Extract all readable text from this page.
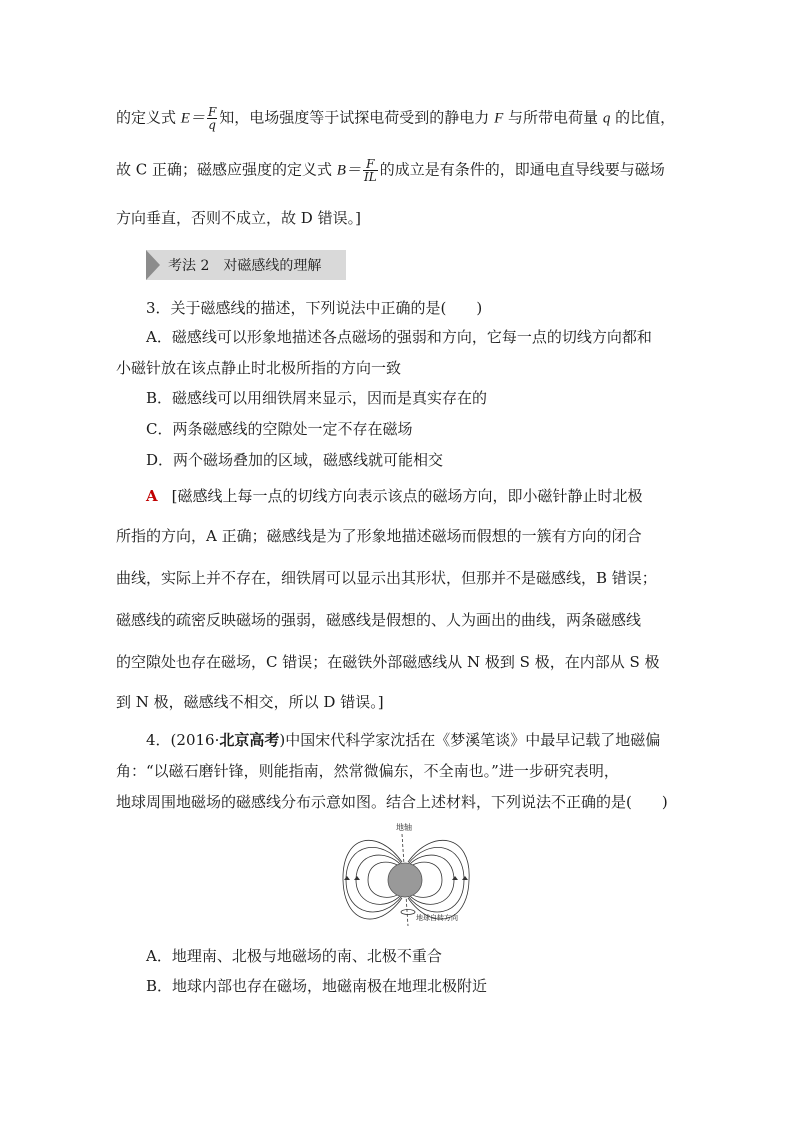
的定义式 $E= \frac{F}{q}$ 知，电场强度等于试探电荷受到的静电力 F 与所带电荷量 q 的比值，
故 C 正确；磁感应强度的定义式 $B= \frac{F}{IL}$ 的成立是有条件的，即通电直导线要与磁场
方向垂直，否则不成立，故 D 错误。]
考法 2　对磁感线的理解
3．关于磁感线的描述，下列说法中正确的是(　　)
A．磁感线可以形象地描述各点磁场的强弱和方向，它每一点的切线方向都和
小磁针放在该点静止时北极所指的方向一致
B．磁感线可以用细铁屑来显示，因而是真实存在的
C．两条磁感线的空隙处一定不存在磁场
D．两个磁场叠加的区域，磁感线就可能相交
A [磁感线上每一点的切线方向表示该点的磁场方向，即小磁针静止时北极
所指的方向，A 正确；磁感线是为了形象地描述磁场而假想的一簇有方向的闭合
曲线，实际上并不存在，细铁屑可以显示出其形状，但那并不是磁感线，B 错误；
磁感线的疏密反映磁场的强弱，磁感线是假想的、人为画出的曲线，两条磁感线
的空隙处也存在磁场，C 错误；在磁铁外部磁感线从 N 极到 S 极，在内部从 S 极
到 N 极，磁感线不相交，所以 D 错误。]
4．(2016·北京高考)中国宋代科学家沈括在《梦溪笔谈》中最早记载了地磁偏
角：“以磁石磨针锋，则能指南，然常微偏东，不全南也。”进一步研究表明，
地球周围地磁场的磁感线分布示意如图。结合上述材料，下列说法不正确的是(　　)
地轴
地球自转方向
A．地理南、北极与地磁场的南、北极不重合
B．地球内部也存在磁场，地磁南极在地理北极附近
